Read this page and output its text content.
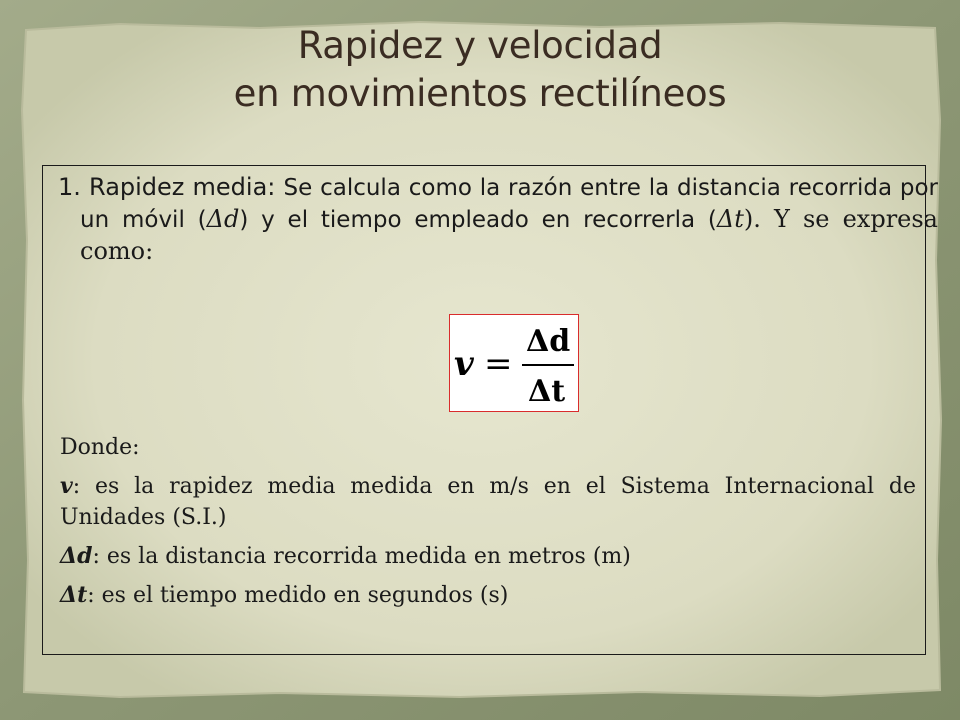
Rapidez y velocidad
en movimientos rectilíneos
1. Rapidez media: Se calcula como la razón entre la distancia recorrida por un móvil (Δd) y el tiempo empleado en recorrerla (Δt). Y se expresa como:
v =
Δd
Δt

Donde:

v: es la rapidez media medida en m/s en el Sistema Internacional de Unidades (S.I.)

Δd: es la distancia recorrida medida en metros (m)

Δt: es el tiempo medido en segundos (s)
